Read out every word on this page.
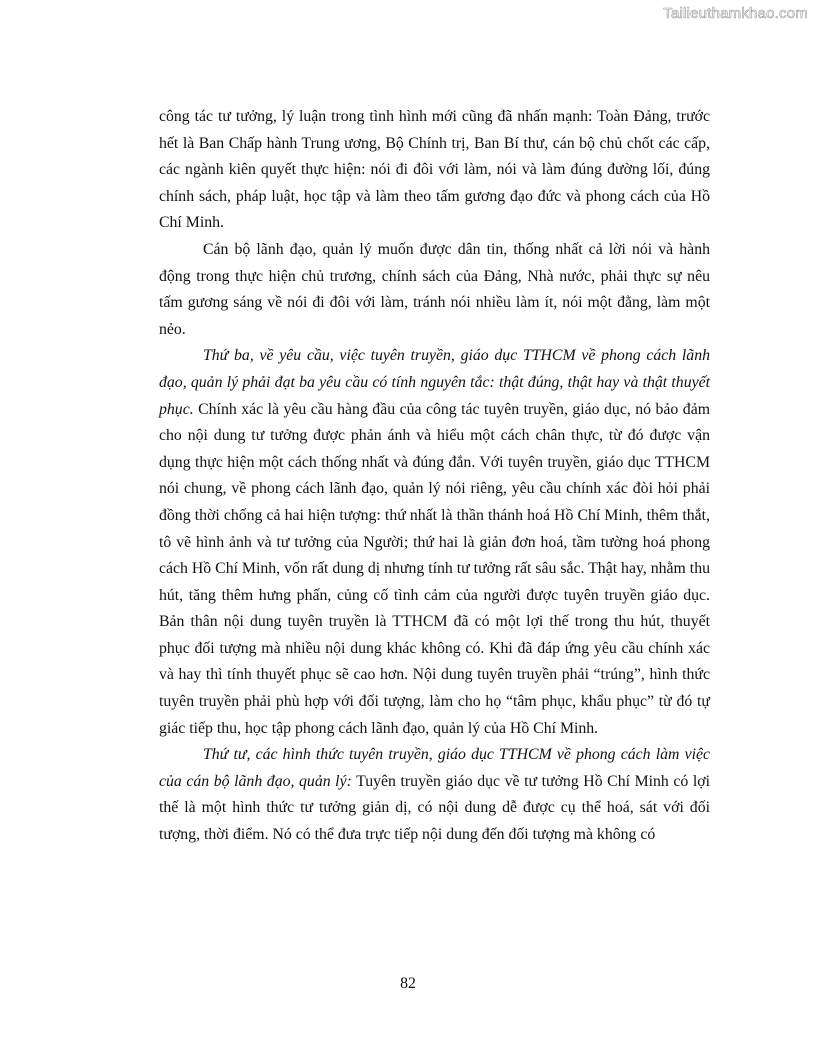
Tailieuthamkhao.com

công tác tư tưởng, lý luận trong tình hình mới cũng đã nhấn mạnh: Toàn Đảng, trước hết là Ban Chấp hành Trung ương, Bộ Chính trị, Ban Bí thư, cán bộ chủ chốt các cấp, các ngành kiên quyết thực hiện: nói đi đôi với làm, nói và làm đúng đường lối, đúng chính sách, pháp luật, học tập và làm theo tấm gương đạo đức và phong cách của Hồ Chí Minh.

Cán bộ lãnh đạo, quản lý muốn được dân tin, thống nhất cả lời nói và hành động trong thực hiện chủ trương, chính sách của Đảng, Nhà nước, phải thực sự nêu tấm gương sáng về nói đi đôi với làm, tránh nói nhiều làm ít, nói một đằng, làm một nẻo.

Thứ ba, về yêu cầu, việc tuyên truyền, giáo dục TTHCM về phong cách lãnh đạo, quản lý phải đạt ba yêu cầu có tính nguyên tắc: thật đúng, thật hay và thật thuyết phục. Chính xác là yêu cầu hàng đầu của công tác tuyên truyền, giáo dục, nó bảo đảm cho nội dung tư tưởng được phản ánh và hiểu một cách chân thực, từ đó được vận dụng thực hiện một cách thống nhất và đúng đắn. Với tuyên truyền, giáo dục TTHCM nói chung, về phong cách lãnh đạo, quản lý nói riêng, yêu cầu chính xác đòi hỏi phải đồng thời chống cả hai hiện tượng: thứ nhất là thần thánh hoá Hồ Chí Minh, thêm thắt, tô vẽ hình ảnh và tư tưởng của Người; thứ hai là giản đơn hoá, tầm tường hoá phong cách Hồ Chí Minh, vốn rất dung dị nhưng tính tư tưởng rất sâu sắc. Thật hay, nhằm thu hút, tăng thêm hưng phấn, củng cố tình cảm của người được tuyên truyền giáo dục. Bản thân nội dung tuyên truyền là TTHCM đã có một lợi thế trong thu hút, thuyết phục đối tượng mà nhiều nội dung khác không có. Khi đã đáp ứng yêu cầu chính xác và hay thì tính thuyết phục sẽ cao hơn. Nội dung tuyên truyền phải “trúng”, hình thức tuyên truyền phải phù hợp với đối tượng, làm cho họ “tâm phục, khẩu phục” từ đó tự giác tiếp thu, học tập phong cách lãnh đạo, quản lý của Hồ Chí Minh.

Thứ tư, các hình thức tuyên truyền, giáo dục TTHCM về phong cách làm việc của cán bộ lãnh đạo, quản lý: Tuyên truyền giáo dục về tư tưởng Hồ Chí Minh có lợi thế là một hình thức tư tưởng giản dị, có nội dung dễ được cụ thể hoá, sát với đối tượng, thời điểm. Nó có thể đưa trực tiếp nội dung đến đối tượng mà không có

82
